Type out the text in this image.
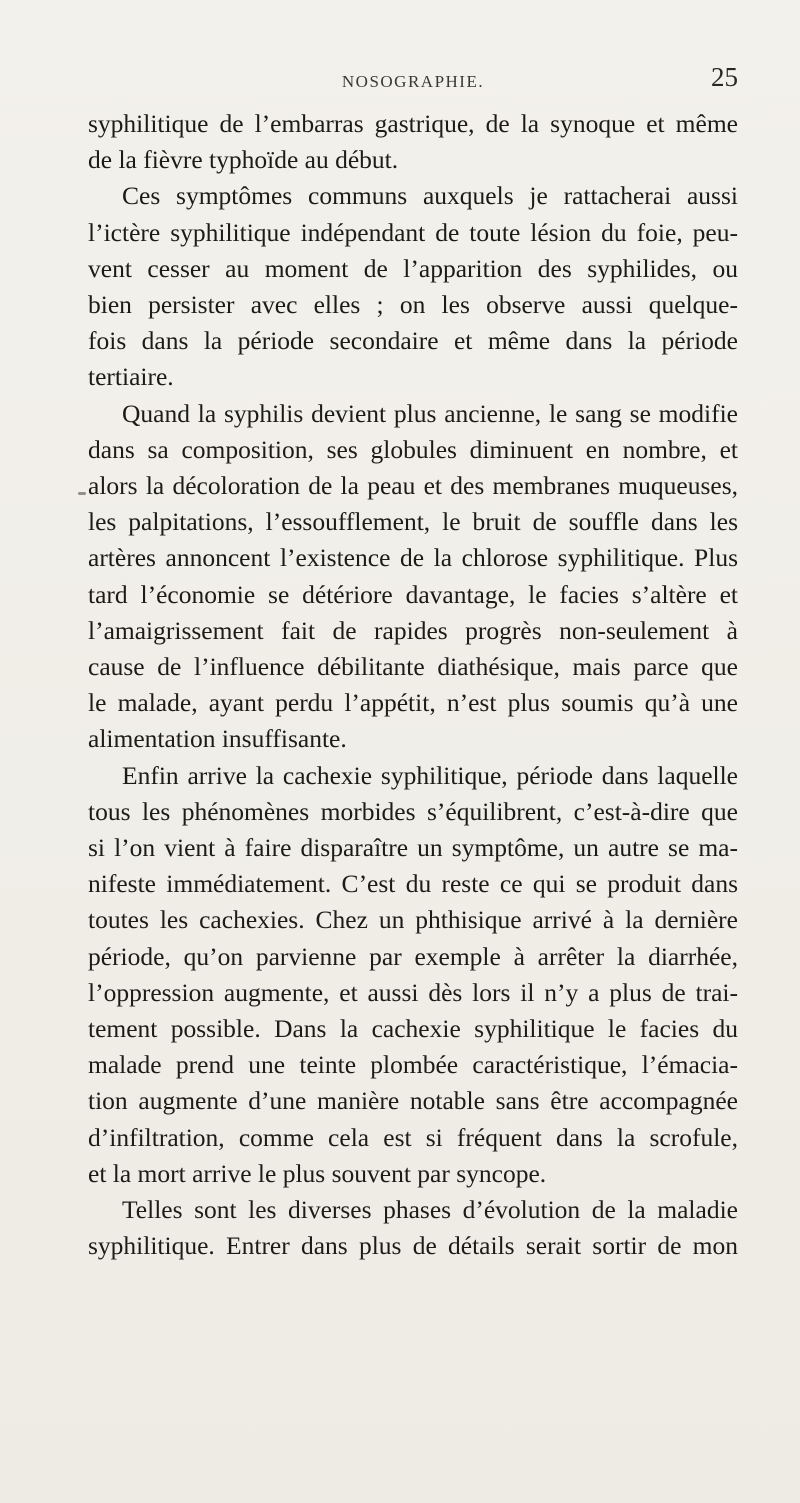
NOSOGRAPHIE.	25

syphilitique de l’embarras gastrique, de la synoque et même

de la fièvre typhoïde au début.

Ces symptômes communs auxquels je rattacherai aussi

l’ictère syphilitique indépendant de toute lésion du foie, peu-

vent cesser au moment de l’apparition des syphilides, ou

bien persister avec elles ; on les observe aussi quelque-

fois dans la période secondaire et même dans la période

tertiaire.

Quand la syphilis devient plus ancienne, le sang se modifie

dans sa composition, ses globules diminuent en nombre, et

alors la décoloration de la peau et des membranes muqueuses,

les palpitations, l’essoufflement, le bruit de souffle dans les

artères annoncent l’existence de la chlorose syphilitique. Plus

tard l’économie se détériore davantage, le facies s’altère et

l’amaigrissement fait de rapides progrès non-seulement à

cause de l’influence débilitante diathésique, mais parce que

le malade, ayant perdu l’appétit, n’est plus soumis qu’à une

alimentation insuffisante.

Enfin arrive la cachexie syphilitique, période dans laquelle

tous les phénomènes morbides s’équilibrent, c’est-à-dire que

si l’on vient à faire disparaître un symptôme, un autre se ma-

nifeste immédiatement. C’est du reste ce qui se produit dans

toutes les cachexies. Chez un phthisique arrivé à la dernière

période, qu’on parvienne par exemple à arrêter la diarrhée,

l’oppression augmente, et aussi dès lors il n’y a plus de trai-

tement possible. Dans la cachexie syphilitique le facies du

malade prend une teinte plombée caractéristique, l’émacia-

tion augmente d’une manière notable sans être accompagnée

d’infiltration, comme cela est si fréquent dans la scrofule,

et la mort arrive le plus souvent par syncope.

Telles sont les diverses phases d’évolution de la maladie

syphilitique. Entrer dans plus de détails serait sortir de mon
